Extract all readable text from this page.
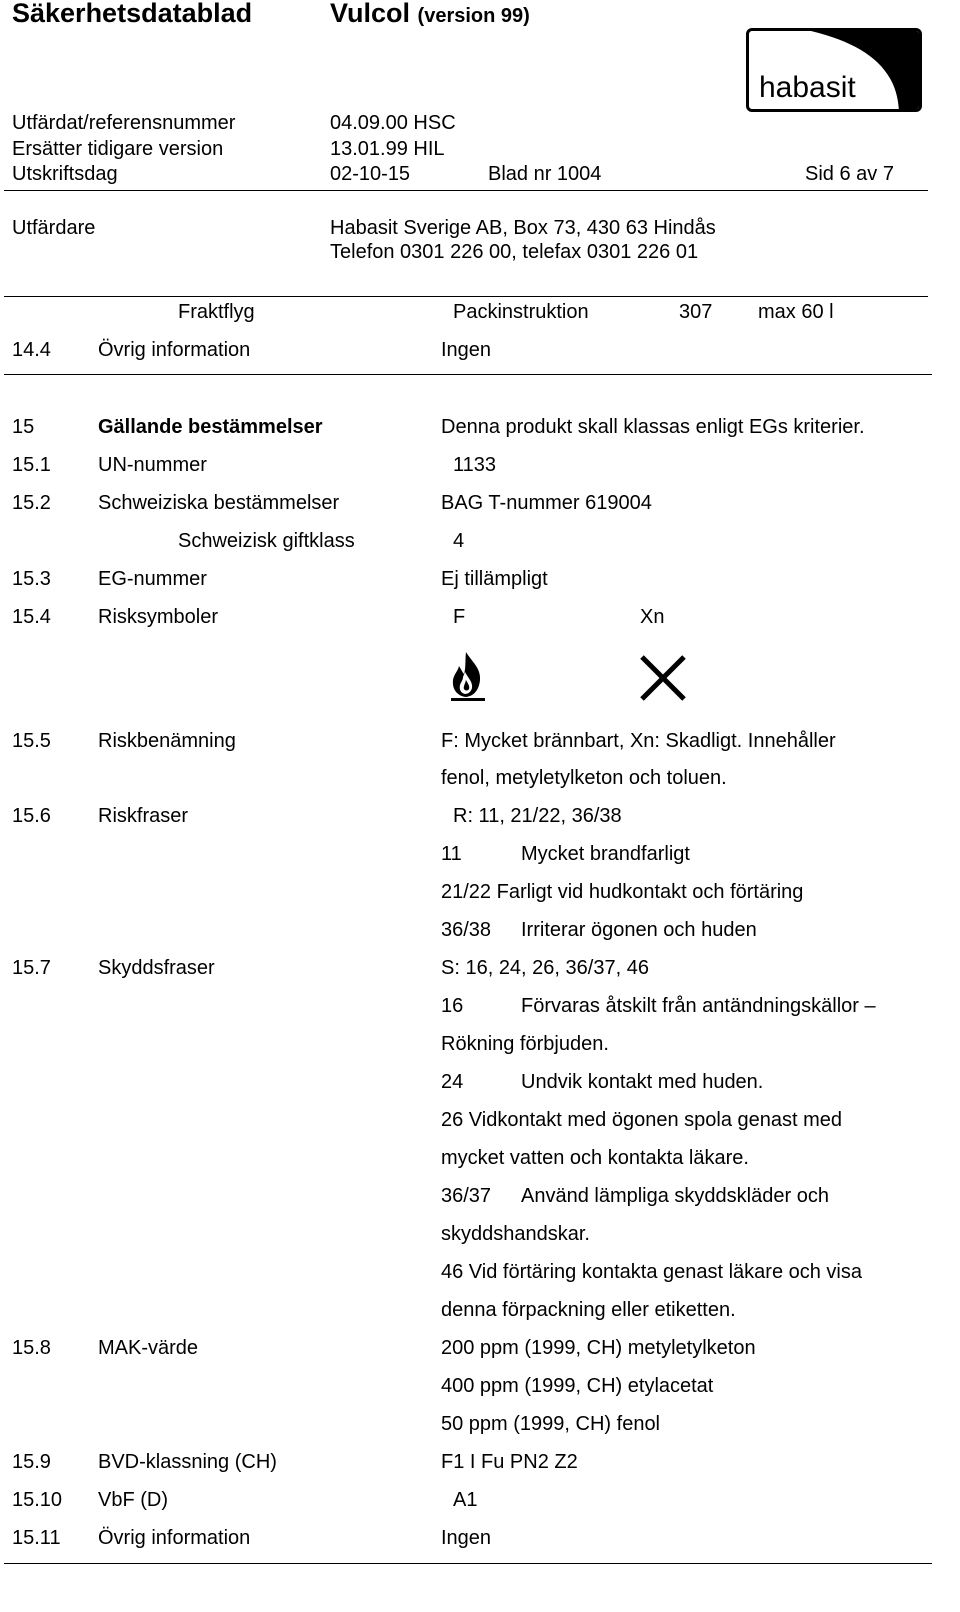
Säkerhetsdatablad	Vulcol (version 99)
habasit
Utfärdat/referensnummer	04.09.00 HSC
Ersätter tidigare version	13.01.99 HIL
Utskriftsdag	02-10-15	Blad nr 1004	Sid 6 av 7
Utfärdare	Habasit Sverige AB, Box 73, 430 63 Hindås
Telefon 0301 226 00, telefax 0301 226 01
Fraktflyg	Packinstruktion	307 max 60 l
14.4 Övrig information	Ingen
15	Gällande bestämmelser	Denna produkt skall klassas enligt EGs kriterier.
15.1 UN-nummer	1133
15.2 Schweiziska bestämmelser	BAG T-nummer 619004
Schweizisk giftklass	4
15.3 EG-nummer	Ej tillämpligt
15.4 Risksymboler	F	Xn
15.5 Riskbenämning	F: Mycket brännbart, Xn: Skadligt. Innehåller
fenol, metyletylketon och toluen.
15.6 Riskfraser	R: 11, 21/22, 36/38
11	Mycket brandfarligt
21/22 Farligt vid hudkontakt och förtäring
36/38 Irriterar ögonen och huden
15.7 Skyddsfraser	S: 16, 24, 26, 36/37, 46
16	Förvaras åtskilt från antändningskällor –
Rökning förbjuden.
24	Undvik kontakt med huden.
26 Vidkontakt med ögonen spola genast med
mycket vatten och kontakta läkare.
36/37 Använd lämpliga skyddskläder och
skyddshandskar.
46 Vid förtäring kontakta genast läkare och visa
denna förpackning eller etiketten.
15.8 MAK-värde	200 ppm (1999, CH) metyletylketon
400 ppm (1999, CH) etylacetat
50 ppm (1999, CH) fenol
15.9 BVD-klassning (CH)	F1 I Fu PN2 Z2
15.10 VbF (D)	A1
15.11 Övrig information	Ingen
